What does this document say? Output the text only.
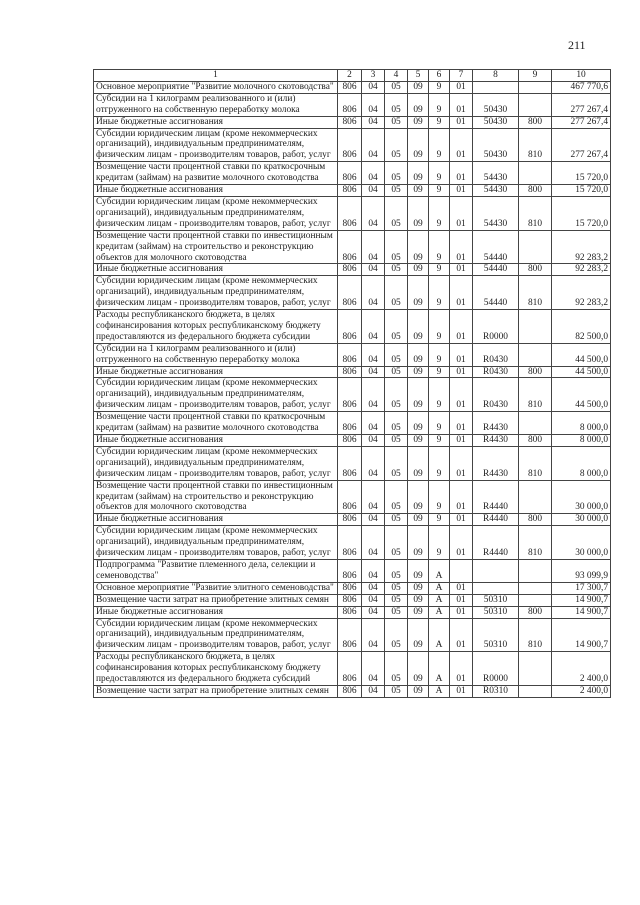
211
1	2	3	4	5	6	7	8	9	10
Основное мероприятие "Развитие молочного скотоводства"	806	04	05	09	9	01			467 770,6
Субсидии на 1 килограмм реализованного и (или) отгруженного на собственную переработку молока	806	04	05	09	9	01	50430		277 267,4
Иные бюджетные ассигнования	806	04	05	09	9	01	50430	800	277 267,4
Субсидии юридическим лицам (кроме некоммерческих организаций), индивидуальным предпринимателям, физическим лицам - производителям товаров, работ, услуг	806	04	05	09	9	01	50430	810	277 267,4
Возмещение части процентной ставки по краткосрочным кредитам (займам) на развитие молочного скотоводства	806	04	05	09	9	01	54430		15 720,0
Иные бюджетные ассигнования	806	04	05	09	9	01	54430	800	15 720,0
Субсидии юридическим лицам (кроме некоммерческих организаций), индивидуальным предпринимателям, физическим лицам - производителям товаров, работ, услуг	806	04	05	09	9	01	54430	810	15 720,0
Возмещение части процентной ставки по инвестиционным кредитам (займам) на строительство и реконструкцию объектов для молочного скотоводства	806	04	05	09	9	01	54440		92 283,2
Иные бюджетные ассигнования	806	04	05	09	9	01	54440	800	92 283,2
Субсидии юридическим лицам (кроме некоммерческих организаций), индивидуальным предпринимателям, физическим лицам - производителям товаров, работ, услуг	806	04	05	09	9	01	54440	810	92 283,2
Расходы республиканского бюджета, в целях софинансирования которых республиканскому бюджету предоставляются из федерального бюджета субсидии	806	04	05	09	9	01	R0000		82 500,0
Субсидии на 1 килограмм реализованного и (или) отгруженного на собственную переработку молока	806	04	05	09	9	01	R0430		44 500,0
Иные бюджетные ассигнования	806	04	05	09	9	01	R0430	800	44 500,0
Субсидии юридическим лицам (кроме некоммерческих организаций), индивидуальным предпринимателям, физическим лицам - производителям товаров, работ, услуг	806	04	05	09	9	01	R0430	810	44 500,0
Возмещение части процентной ставки по краткосрочным кредитам (займам) на развитие молочного скотоводства	806	04	05	09	9	01	R4430		8 000,0
Иные бюджетные ассигнования	806	04	05	09	9	01	R4430	800	8 000,0
Субсидии юридическим лицам (кроме некоммерческих организаций), индивидуальным предпринимателям, физическим лицам - производителям товаров, работ, услуг	806	04	05	09	9	01	R4430	810	8 000,0
Возмещение части процентной ставки по инвестиционным кредитам (займам) на строительство и реконструкцию объектов для молочного скотоводства	806	04	05	09	9	01	R4440		30 000,0
Иные бюджетные ассигнования	806	04	05	09	9	01	R4440	800	30 000,0
Субсидии юридическим лицам (кроме некоммерческих организаций), индивидуальным предпринимателям, физическим лицам - производителям товаров, работ, услуг	806	04	05	09	9	01	R4440	810	30 000,0
Подпрограмма "Развитие племенного дела, селекции и семеноводства"	806	04	05	09	А				93 099,9
Основное мероприятие "Развитие элитного семеноводства"	806	04	05	09	А	01			17 300,7
Возмещение части затрат на приобретение элитных семян	806	04	05	09	А	01	50310		14 900,7
Иные бюджетные ассигнования	806	04	05	09	А	01	50310	800	14 900,7
Субсидии юридическим лицам (кроме некоммерческих организаций), индивидуальным предпринимателям, физическим лицам - производителям товаров, работ, услуг	806	04	05	09	А	01	50310	810	14 900,7
Расходы республиканского бюджета, в целях софинансирования которых республиканскому бюджету предоставляются из федерального бюджета субсидий	806	04	05	09	А	01	R0000		2 400,0
Возмещение части затрат на приобретение элитных семян	806	04	05	09	А	01	R0310		2 400,0
